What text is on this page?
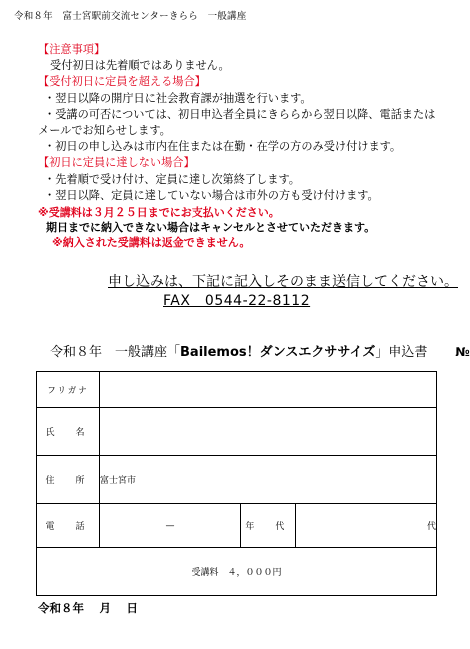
令和８年　富士宮駅前交流センターきらら　一般講座
【注意事項】
受付初日は先着順ではありません。
【受付初日に定員を超える場合】
・翌日以降の開庁日に社会教育課が抽選を行います。
・受講の可否については、初日申込者全員にきららから翌日以降、電話または
メールでお知らせします。
・初日の申し込みは市内在住または在勤・在学の方のみ受け付けます。
【初日に定員に達しない場合】
・先着順で受け付け、定員に達し次第終了します。
・翌日以降、定員に達していない場合は市外の方も受け付けます。
※受講料は３月２５日までにお支払いください。
期日までに納入できない場合はキャンセルとさせていただきます。
※納入された受講料は返金できません。
申し込みは、下記に記入しそのまま送信してください。
FAX　0544-22-8112
令和８年　一般講座「Bailemos！ダンスエクササイズ」申込書 №
フリガナ			
氏　名			
住　所	富士宮市		
電　話	—	年　代	代
受講料　４，０００円			
令和８年　 月　 日
